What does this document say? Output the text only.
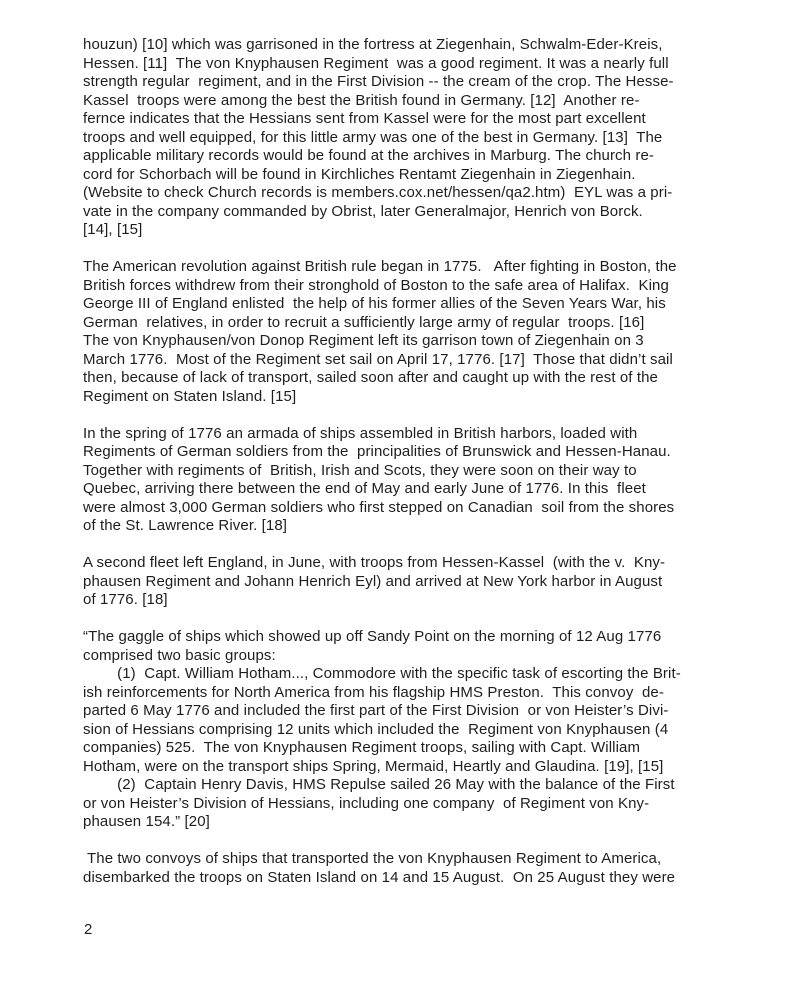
houzun) [10] which was garrisoned in the fortress at Ziegenhain, Schwalm-Eder-Kreis,
Hessen. [11]  The von Knyphausen Regiment  was a good regiment. It was a nearly full
strength regular  regiment, and in the First Division -- the cream of the crop. The Hesse-
Kassel  troops were among the best the British found in Germany. [12]  Another re-
fernce indicates that the Hessians sent from Kassel were for the most part excellent
troops and well equipped, for this little army was one of the best in Germany. [13]  The
applicable military records would be found at the archives in Marburg. The church re-
cord for Schorbach will be found in Kirchliches Rentamt Ziegenhain in Ziegenhain.
(Website to check Church records is members.cox.net/hessen/qa2.htm)  EYL was a pri-
vate in the company commanded by Obrist, later Generalmajor, Henrich von Borck.
[14], [15]

The American revolution against British rule began in 1775.   After fighting in Boston, the
British forces withdrew from their stronghold of Boston to the safe area of Halifax.  King
George III of England enlisted  the help of his former allies of the Seven Years War, his
German  relatives, in order to recruit a sufficiently large army of regular  troops. [16]
The von Knyphausen/von Donop Regiment left its garrison town of Ziegenhain on 3
March 1776.  Most of the Regiment set sail on April 17, 1776. [17]  Those that didn’t sail
then, because of lack of transport, sailed soon after and caught up with the rest of the
Regiment on Staten Island. [15]

In the spring of 1776 an armada of ships assembled in British harbors, loaded with
Regiments of German soldiers from the  principalities of Brunswick and Hessen-Hanau.
Together with regiments of  British, Irish and Scots, they were soon on their way to
Quebec, arriving there between the end of May and early June of 1776. In this  fleet
were almost 3,000 German soldiers who first stepped on Canadian  soil from the shores
of the St. Lawrence River. [18]

A second fleet left England, in June, with troops from Hessen-Kassel  (with the v.  Kny-
phausen Regiment and Johann Henrich Eyl) and arrived at New York harbor in August
of 1776. [18]

“The gaggle of ships which showed up off Sandy Point on the morning of 12 Aug 1776
comprised two basic groups:
(1)  Capt. William Hotham..., Commodore with the specific task of escorting the Brit-
ish reinforcements for North America from his flagship HMS Preston.  This convoy  de-
parted 6 May 1776 and included the first part of the First Division  or von Heister’s Divi-
sion of Hessians comprising 12 units which included the  Regiment von Knyphausen (4
companies) 525.  The von Knyphausen Regiment troops, sailing with Capt. William
Hotham, were on the transport ships Spring, Mermaid, Heartly and Glaudina. [19], [15]
(2)  Captain Henry Davis, HMS Repulse sailed 26 May with the balance of the First
or von Heister’s Division of Hessians, including one company  of Regiment von Kny-
phausen 154.” [20]

The two convoys of ships that transported the von Knyphausen Regiment to America,
disembarked the troops on Staten Island on 14 and 15 August.  On 25 August they were

2
